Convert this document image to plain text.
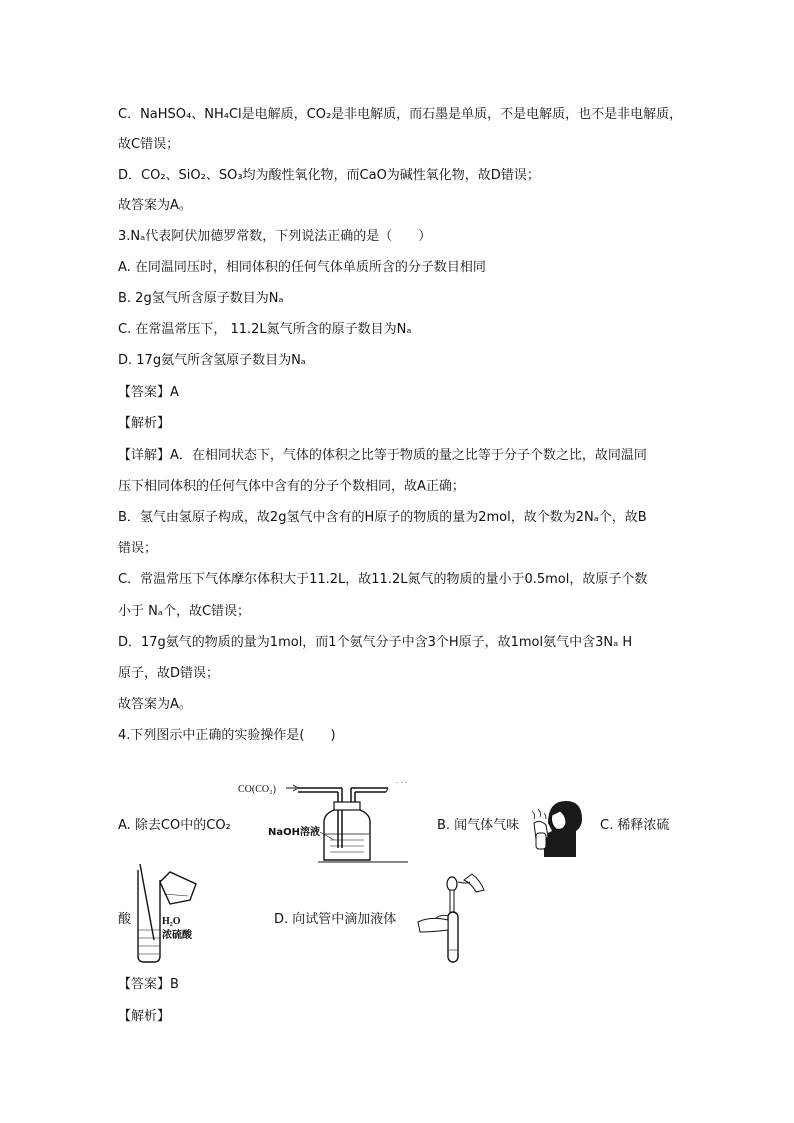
C．NaHSO₄、NH₄Cl是电解质，CO₂是非电解质，而石墨是单质，不是电解质，也不是非电解质，
故C错误；
D．CO₂、SiO₂、SO₃均为酸性氧化物，而CaO为碱性氧化物，故D错误；
故答案为A。
3.Nₐ代表阿伏加德罗常数，下列说法正确的是（　　）
A. 在同温同压时，相同体积的任何气体单质所含的分子数目相同
B. 2g氢气所含原子数目为Nₐ
C. 在常温常压下， 11.2L氮气所含的原子数目为Nₐ
D. 17g氨气所含氢原子数目为Nₐ
【答案】A
【解析】
【详解】A．在相同状态下，气体的体积之比等于物质的量之比等于分子个数之比，故同温同
压下相同体积的任何气体中含有的分子个数相同，故A正确；
B．氢气由氢原子构成，故2g氢气中含有的H原子的物质的量为2mol，故个数为2Nₐ个，故B
错误；
C．常温常压下气体摩尔体积大于11.2L，故11.2L氮气的物质的量小于0.5mol，故原子个数
小于 Nₐ个，故C错误；
D．17g氨气的物质的量为1mol，而1个氨气分子中含3个H原子，故1mol氨气中含3Nₐ H
原子，故D错误；
故答案为A。
4.下列图示中正确的实验操作是(　　)
A. 除去CO中的CO₂	B. 闻气体气味	C. 稀释浓硫
酸	D. 向试管中滴加液体
【答案】B
【解析】
CO(CO₂)
· · ·
NaOH溶液
H₂O
浓硫酸
